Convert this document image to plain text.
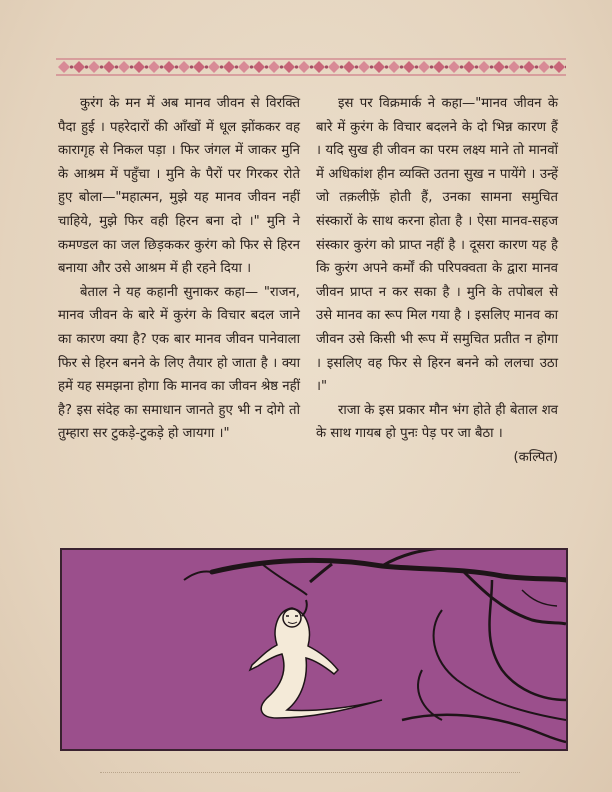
कुरंग के मन में अब मानव जीवन से विरक्ति पैदा हुई । पहरेदारों की आँखों में धूल झोंककर वह कारागृह से निकल पड़ा । फिर जंगल में जाकर मुनि के आश्रम में पहुँचा । मुनि के पैरों पर गिरकर रोते हुए बोला—"महात्मन, मुझे यह मानव जीवन नहीं चाहिये, मुझे फिर वही हिरन बना दो ।" मुनि ने कमण्डल का जल छिड़ककर कुरंग को फिर से हिरन बनाया और उसे आश्रम में ही रहने दिया ।

बेताल ने यह कहानी सुनाकर कहा— "राजन, मानव जीवन के बारे में कुरंग के विचार बदल जाने का कारण क्या है? एक बार मानव जीवन पानेवाला फिर से हिरन बनने के लिए तैयार हो जाता है । क्या हमें यह समझना होगा कि मानव का जीवन श्रेष्ठ नहीं है? इस संदेह का समाधान जानते हुए भी न दोगे तो तुम्हारा सर टुकड़े-टुकड़े हो जायगा ।"

इस पर विक्रमार्क ने कहा—"मानव जीवन के बारे में कुरंग के विचार बदलने के दो भिन्न कारण हैं । यदि सुख ही जीवन का परम लक्ष्य माने तो मानवों में अधिकांश हीन व्यक्ति उतना सुख न पायेंगे । उन्हें जो तक़लीफ़ें होती हैं, उनका सामना समुचित संस्कारों के साथ करना होता है । ऐसा मानव-सहज संस्कार कुरंग को प्राप्त नहीं है । दूसरा कारण यह है कि कुरंग अपने कर्मों की परिपक्वता के द्वारा मानव जीवन प्राप्त न कर सका है । मुनि के तपोबल से उसे मानव का रूप मिल गया है । इसलिए मानव का जीवन उसे किसी भी रूप में समुचित प्रतीत न होगा । इसलिए वह फिर से हिरन बनने को ललचा उठा ।"

राजा के इस प्रकार मौन भंग होते ही बेताल शव के साथ गायब हो पुनः पेड़ पर जा बैठा ।
(कल्पित)
